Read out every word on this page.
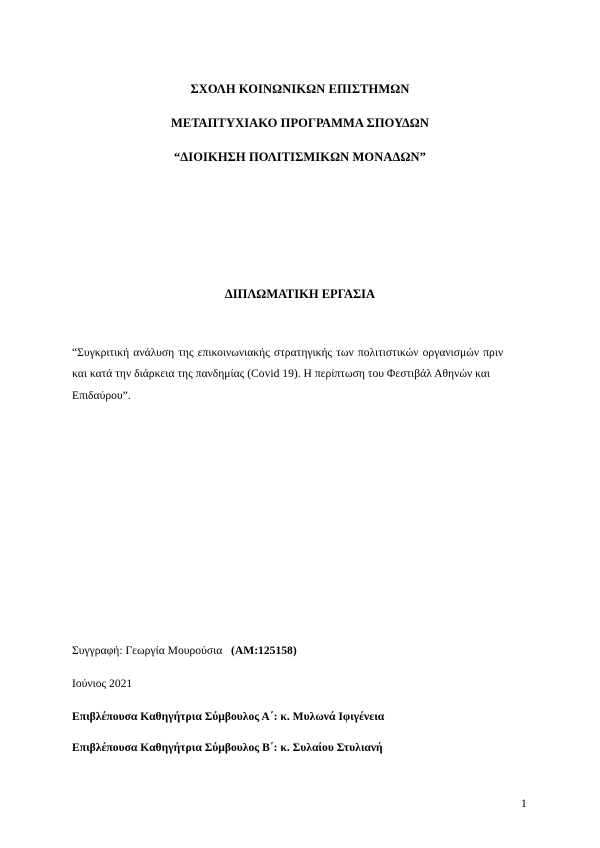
ΣΧΟΛΗ ΚΟΙΝΩΝΙΚΩΝ ΕΠΙΣΤΗΜΩΝ
ΜΕΤΑΠΤΥΧΙΑΚΟ ΠΡΟΓΡΑΜΜΑ ΣΠΟΥΔΩΝ
“ΔΙΟΙΚΗΣΗ ΠΟΛΙΤΙΣΜΙΚΩΝ ΜΟΝΑΔΩΝ”
ΔΙΠΛΩΜΑΤΙΚΗ ΕΡΓΑΣΙΑ
“Συγκριτική ανάλυση της επικοινωνιακής στρατηγικής των πολιτιστικών οργανισμών πριν
και κατά την διάρκεια της πανδημίας (Covid 19). Η περίπτωση του Φεστιβάλ Αθηνών και
Επιδαύρου”.
Συγγραφή: Γεωργία Μουρούσια (ΑΜ:125158)
Ιούνιος 2021
Επιβλέπουσα Καθηγήτρια Σύμβουλος Α΄: κ. Μυλωνά Ιφιγένεια
Επιβλέπουσα Καθηγήτρια Σύμβουλος Β΄: κ. Συλαίου Στυλιανή
1
